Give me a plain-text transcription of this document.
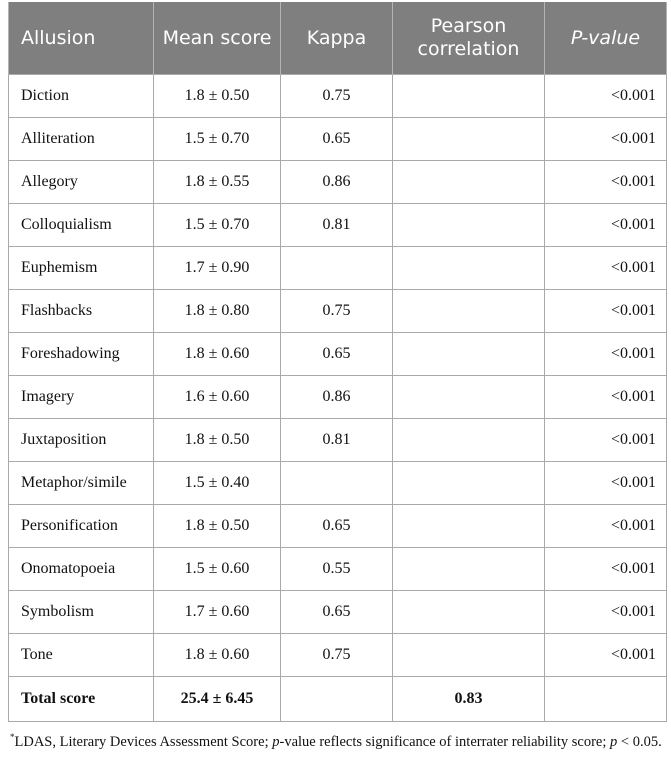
Allusion	Mean score	Kappa	Pearson correlation	P-value
Diction	1.8 ± 0.50	0.75		<0.001
Alliteration	1.5 ± 0.70	0.65		<0.001
Allegory	1.8 ± 0.55	0.86		<0.001
Colloquialism	1.5 ± 0.70	0.81		<0.001
Euphemism	1.7 ± 0.90			<0.001
Flashbacks	1.8 ± 0.80	0.75		<0.001
Foreshadowing	1.8 ± 0.60	0.65		<0.001
Imagery	1.6 ± 0.60	0.86		<0.001
Juxtaposition	1.8 ± 0.50	0.81		<0.001
Metaphor/simile	1.5 ± 0.40			<0.001
Personification	1.8 ± 0.50	0.65		<0.001
Onomatopoeia	1.5 ± 0.60	0.55		<0.001
Symbolism	1.7 ± 0.60	0.65		<0.001
Tone	1.8 ± 0.60	0.75		<0.001
Total score	25.4 ± 6.45		0.83	
*LDAS, Literary Devices Assessment Score; p-value reflects significance of interrater reliability score; p < 0.05.
